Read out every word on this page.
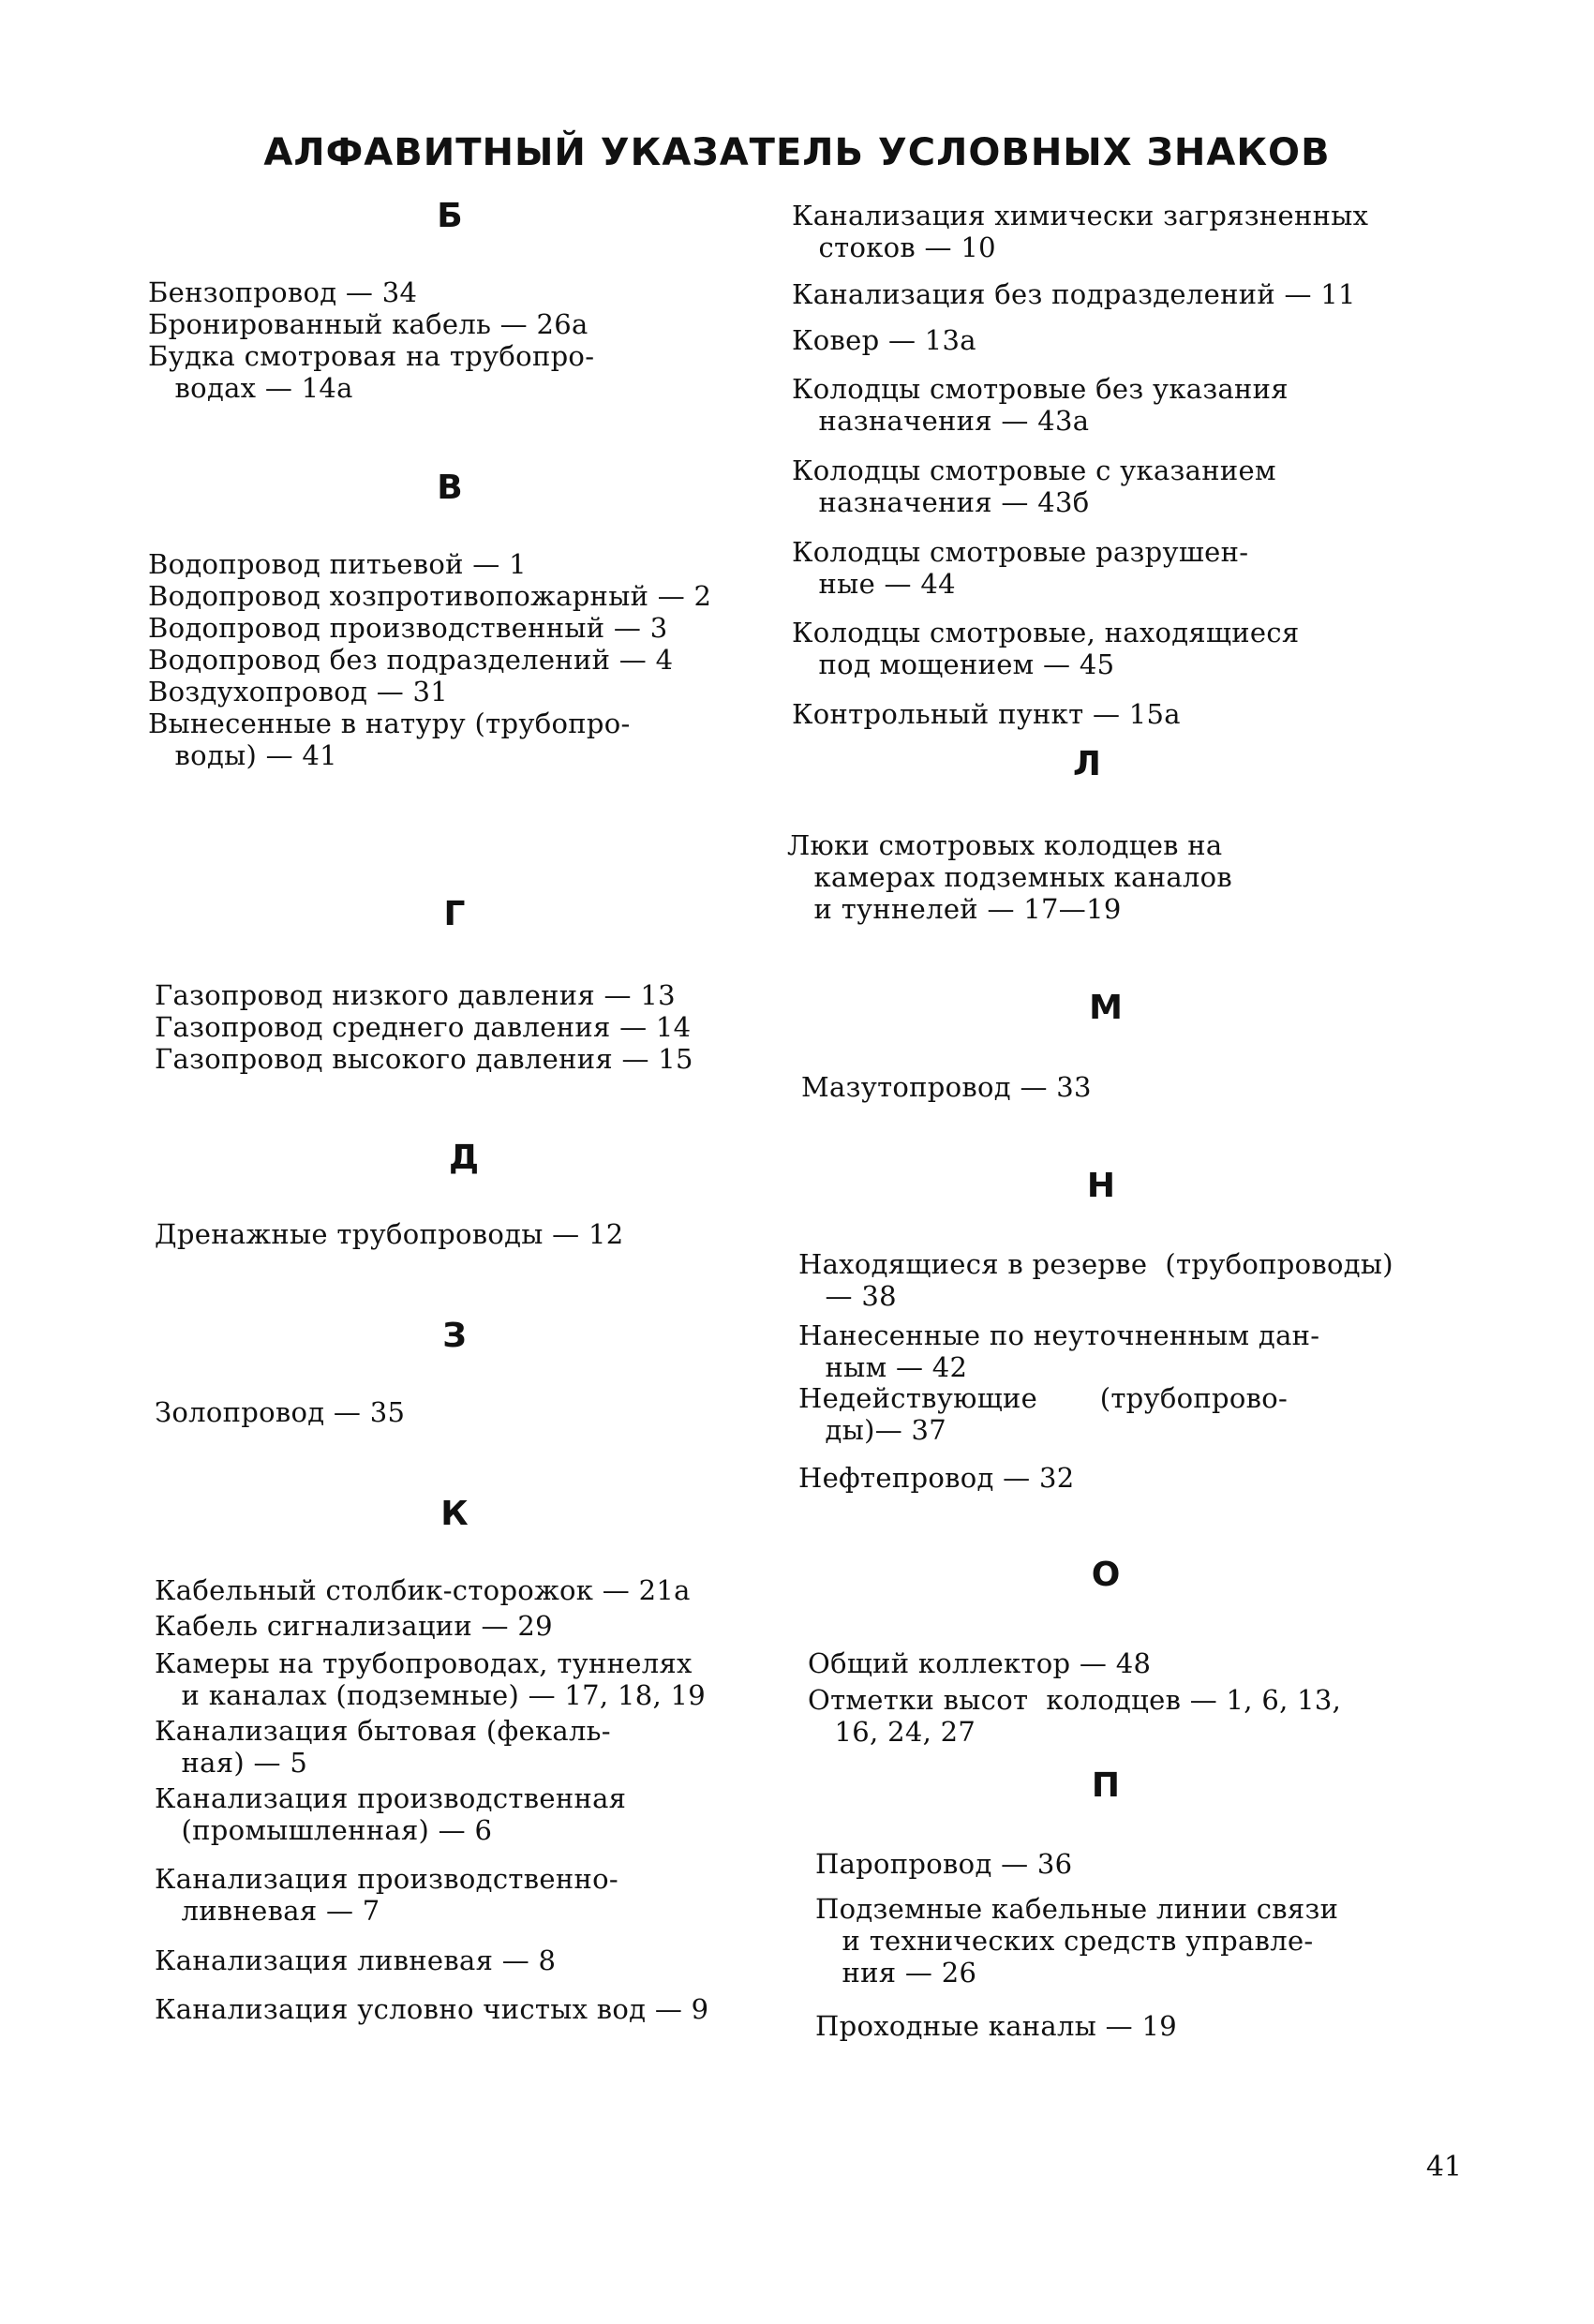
АЛФАВИТНЫЙ УКАЗАТЕЛЬ УСЛОВНЫХ ЗНАКОВ
Б
Бензопровод — 34
Бронированный кабель — 26а
Будка смотровая на трубопро-
водах — 14а
В
Водопровод питьевой — 1
Водопровод хозпротивопожарный — 2
Водопровод производственный — 3
Водопровод без подразделений — 4
Воздухопровод — 31
Вынесенные в натуру (трубопро-
воды) — 41
Г
Газопровод низкого давления — 13
Газопровод среднего давления — 14
Газопровод высокого давления — 15
Д
Дренажные трубопроводы — 12
З
Золопровод — 35
К
Кабельный столбик-сторожок — 21а
Кабель сигнализации — 29
Камеры на трубопроводах, туннелях
и каналах (подземные) — 17, 18, 19
Канализация бытовая (фекаль-
ная) — 5
Канализация производственная
(промышленная) — 6
Канализация производственно-
ливневая — 7
Канализация ливневая — 8
Канализация условно чистых вод — 9
Канализация химически загрязненных
стоков — 10
Канализация без подразделений — 11
Ковер — 13а
Колодцы смотровые без указания
назначения — 43а
Колодцы смотровые с указанием
назначения — 43б
Колодцы смотровые разрушен-
ные — 44
Колодцы смотровые, находящиеся
под мощением — 45
Контрольный пункт — 15а
Л
Люки смотровых колодцев на
камерах подземных каналов
и туннелей — 17—19
М
Мазутопровод — 33
Н
Находящиеся в резерве  (трубопроводы)
— 38
Нанесенные по неуточненным дан-
ным — 42
Недействующие       (трубопрово-
ды)— 37
Нефтепровод — 32
О
Общий коллектор — 48
Отметки высот  колодцев — 1, 6, 13,
16, 24, 27
П
Паропровод — 36
Подземные кабельные линии связи
и технических средств управле-
ния — 26
Проходные каналы — 19
41
